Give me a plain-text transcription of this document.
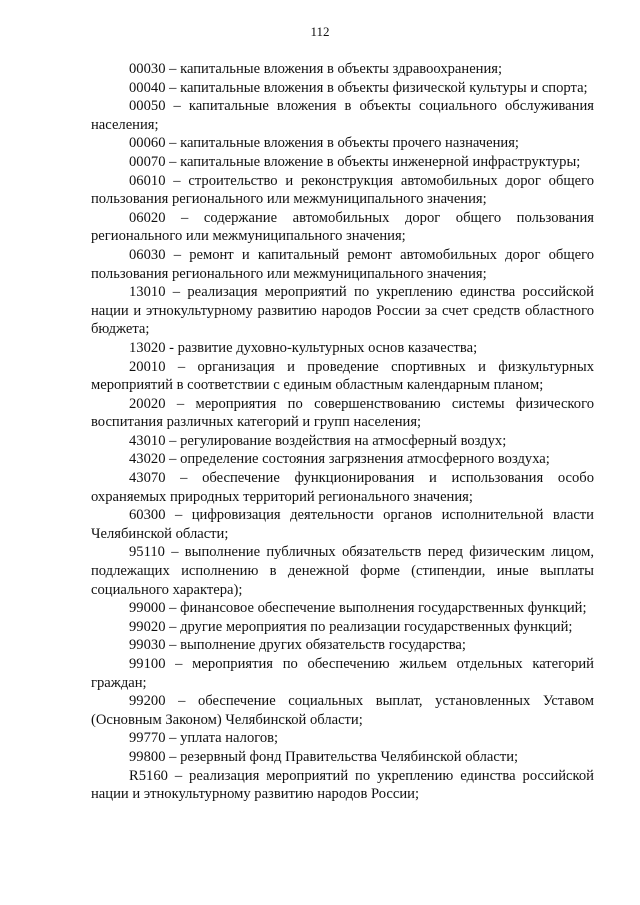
112

00030 – капитальные вложения в объекты здравоохранения;

00040 – капитальные вложения в объекты физической культуры и спорта;

00050 – капитальные вложения в объекты социального обслуживания населения;

00060 – капитальные вложения в объекты прочего назначения;

00070 – капитальные вложение в объекты инженерной инфраструктуры;

06010 – строительство и реконструкция автомобильных дорог общего пользования регионального или межмуниципального значения;

06020 – содержание автомобильных дорог общего пользования регионального или межмуниципального значения;

06030 – ремонт и капитальный ремонт автомобильных дорог общего пользования регионального или межмуниципального значения;

13010 – реализация мероприятий по укреплению единства российской нации и этнокультурному развитию народов России за счет средств областного бюджета;

13020 - развитие духовно-культурных основ казачества;

20010 – организация и проведение спортивных и физкультурных мероприятий в соответствии с единым областным календарным планом;

20020 – мероприятия по совершенствованию системы физического воспитания различных категорий и групп населения;

43010 – регулирование воздействия на атмосферный воздух;

43020 – определение состояния загрязнения атмосферного воздуха;

43070 – обеспечение функционирования и использования особо охраняемых природных территорий регионального значения;

60300 – цифровизация деятельности органов исполнительной власти Челябинской области;

95110 – выполнение публичных обязательств перед физическим лицом, подлежащих исполнению в денежной форме (стипендии, иные выплаты социального характера);

99000 – финансовое обеспечение выполнения государственных функций;

99020 – другие мероприятия по реализации государственных функций;

99030 – выполнение других обязательств государства;

99100 – мероприятия по обеспечению жильем отдельных категорий граждан;

99200 – обеспечение социальных выплат, установленных Уставом (Основным Законом) Челябинской области;

99770 – уплата налогов;

99800 – резервный фонд Правительства Челябинской области;

R5160 – реализация мероприятий по укреплению единства российской нации и этнокультурному развитию народов России;
